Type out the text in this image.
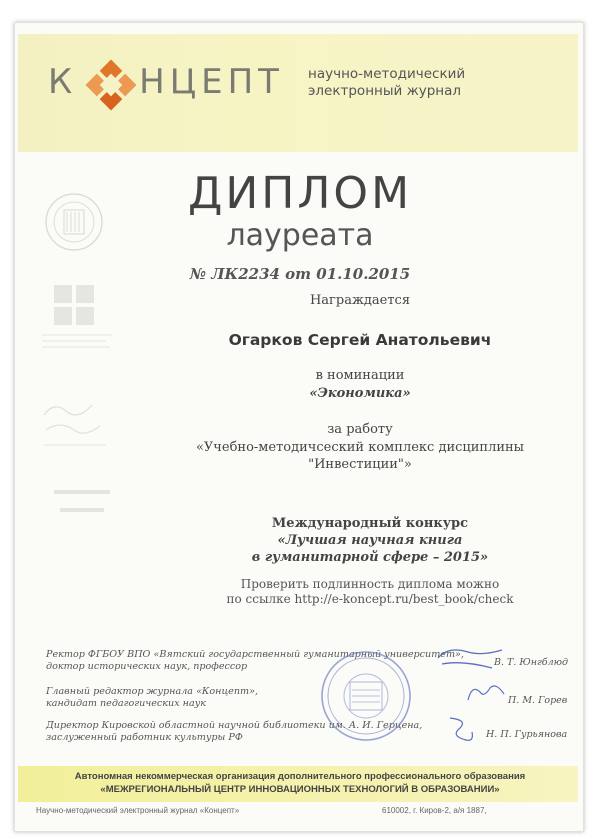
К НЦЕПТ научно-методический
электронный журнал
ДИПЛОМ
лауреата
№ ЛК2234 от 01.10.2015
Награждается
Огарков Сергей Анатольевич
в номинации
«Экономика»
за работу
«Учебно-методичсеский комплекс дисциплины
"Инвестиции"»
Международный конкурс
«Лучшая научная книга
в гуманитарной сфере – 2015»
Проверить подлинность диплома можно
по ссылке http://e-koncept.ru/best_book/check
Ректор ФГБОУ ВПО «Вятский государственный гуманитарный университет»,
доктор исторических наук, профессор	В. Т. Юнгблюд
Главный редактор журнала «Концепт»,
кандидат педагогических наук	П. М. Горев
Директор Кировской областной научной библиотеки им. А. И. Герцена,
заслуженный работник культуры РФ	Н. П. Гурьянова
Автономная некоммерческая организация дополнительного профессионального образования
«МЕЖРЕГИОНАЛЬНЫЙ ЦЕНТР ИННОВАЦИОННЫХ ТЕХНОЛОГИЙ В ОБРАЗОВАНИИ»
Научно-методический электронный журнал «Концепт»	610002, г. Киров-2, а/я 1887,
